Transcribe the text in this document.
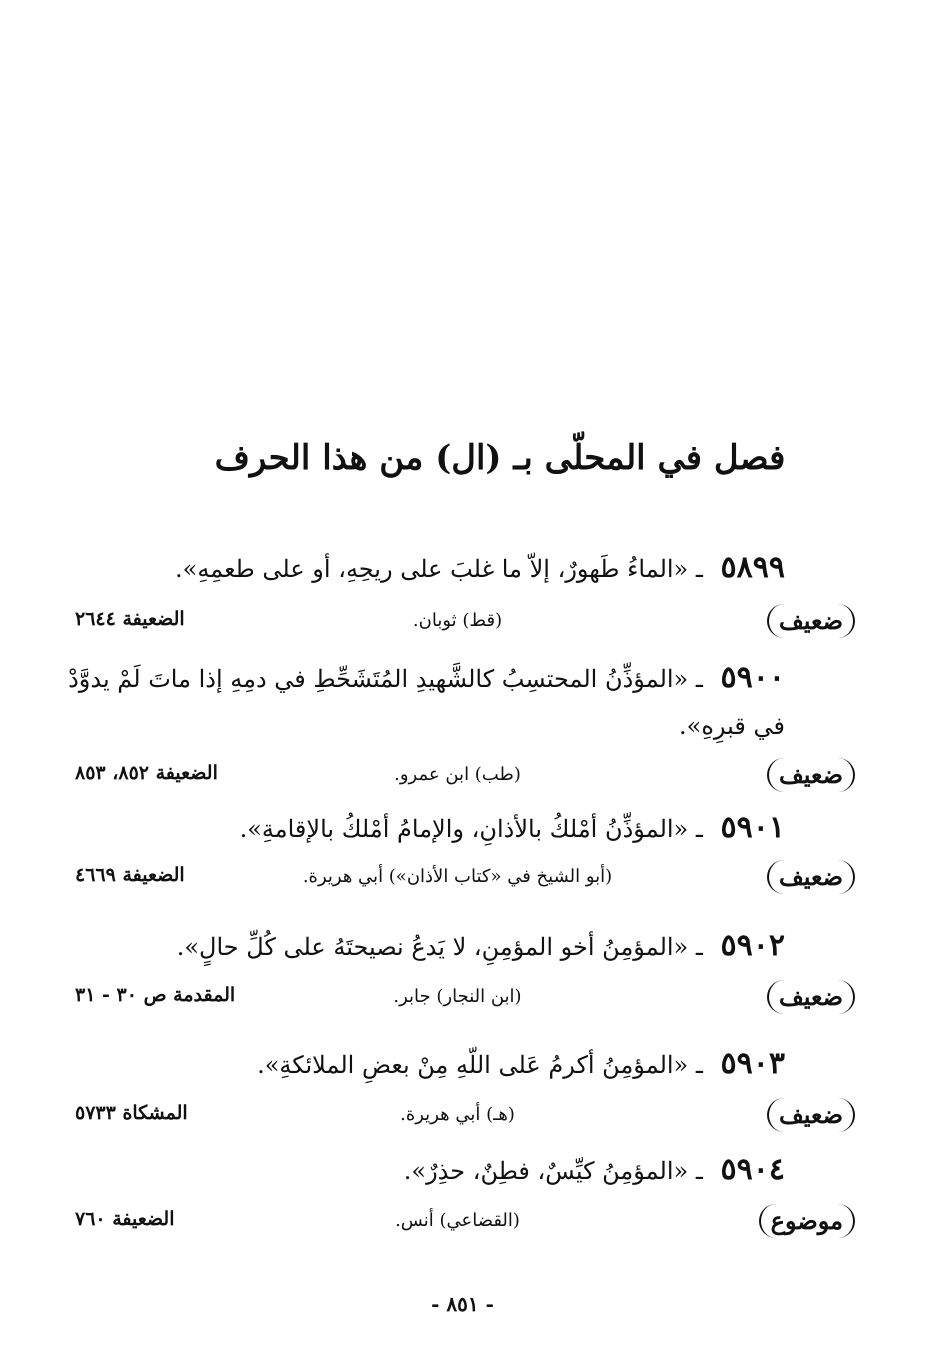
فصل في المحلّى بـ (ال) من هذا الحرف
٥٨٩٩ ـ «الماءُ طَهورٌ، إلاّ ما غلبَ على ريحِهِ، أو على طعمِهِ».
ضعيف
(قط) ثوبان.
الضعيفة ٢٦٤٤
٥٩٠٠ ـ «المؤذِّنُ المحتسِبُ كالشَّهيدِ المُتَشَحِّطِ في دمِهِ إذا ماتَ لَمْ يدوَّدْ
في قبرِهِ».
ضعيف
(طب) ابن عمرو.
الضعيفة ٨٥٢، ٨٥٣
٥٩٠١ ـ «المؤذِّنُ أمْلكُ بالأذانِ، والإمامُ أمْلكُ بالإقامةِ».
ضعيف
(أبو الشيخ في «كتاب الأذان») أبي هريرة.
الضعيفة ٤٦٦٩
٥٩٠٢ ـ «المؤمِنُ أخو المؤمِنِ، لا يَدعُ نصيحتَهُ على كُلِّ حالٍ».
ضعيف
(ابن النجار) جابر.
المقدمة ص ٣٠ - ٣١
٥٩٠٣ ـ «المؤمِنُ أكرمُ عَلى اللّهِ مِنْ بعضِ الملائكةِ».
ضعيف
(هـ) أبي هريرة.
المشكاة ٥٧٣٣
٥٩٠٤ ـ «المؤمِنُ كيِّسٌ، فطِنٌ، حذِرٌ».
موضوع
(القضاعي) أنس.
الضعيفة ٧٦٠
- ٨٥١ -
